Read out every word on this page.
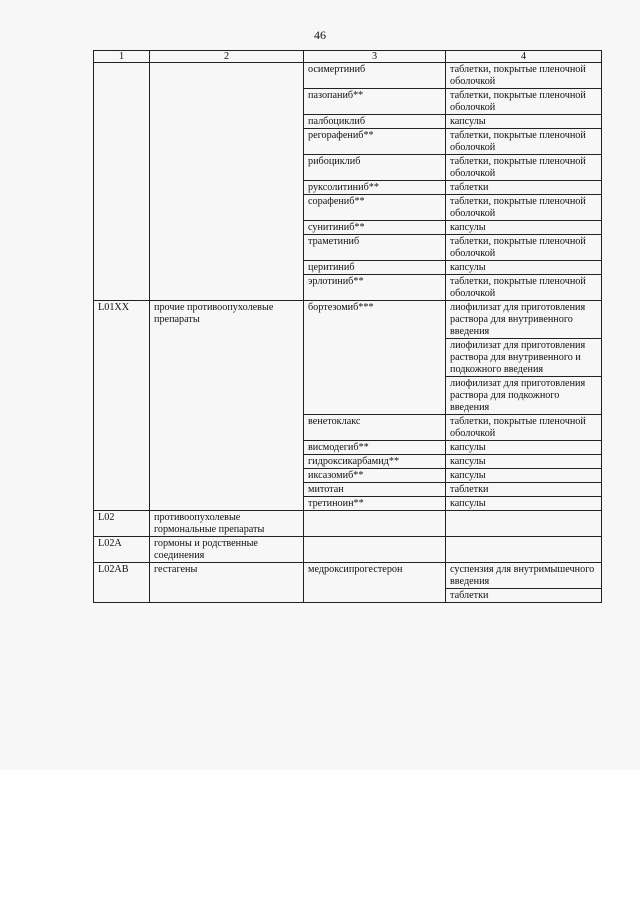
46
1	2	3	4
		осимертиниб	таблетки, покрытые пленочной оболочкой
		пазопаниб**	таблетки, покрытые пленочной оболочкой
		палбоциклиб	капсулы
		регорафениб**	таблетки, покрытые пленочной оболочкой
		рибоциклиб	таблетки, покрытые пленочной оболочкой
		руксолитиниб**	таблетки
		сорафениб**	таблетки, покрытые пленочной оболочкой
		сунитиниб**	капсулы
		траметиниб	таблетки, покрытые пленочной оболочкой
		церитиниб	капсулы
		эрлотиниб**	таблетки, покрытые пленочной оболочкой
L01XX	прочие противоопухолевые препараты	бортезомиб***	лиофилизат для приготовления раствора для внутривенного введения
			лиофилизат для приготовления раствора для внутривенного и подкожного введения
			лиофилизат для приготовления раствора для подкожного введения
		венетоклакс	таблетки, покрытые пленочной оболочкой
		висмодегиб**	капсулы
		гидроксикарбамид**	капсулы
		иксазомиб**	капсулы
		митотан	таблетки
		третиноин**	капсулы
L02	противоопухолевые гормональные препараты		
L02A	гормоны и родственные соединения		
L02AB	гестагены	медроксипрогестерон	суспензия для внутримышечного введения
			таблетки
